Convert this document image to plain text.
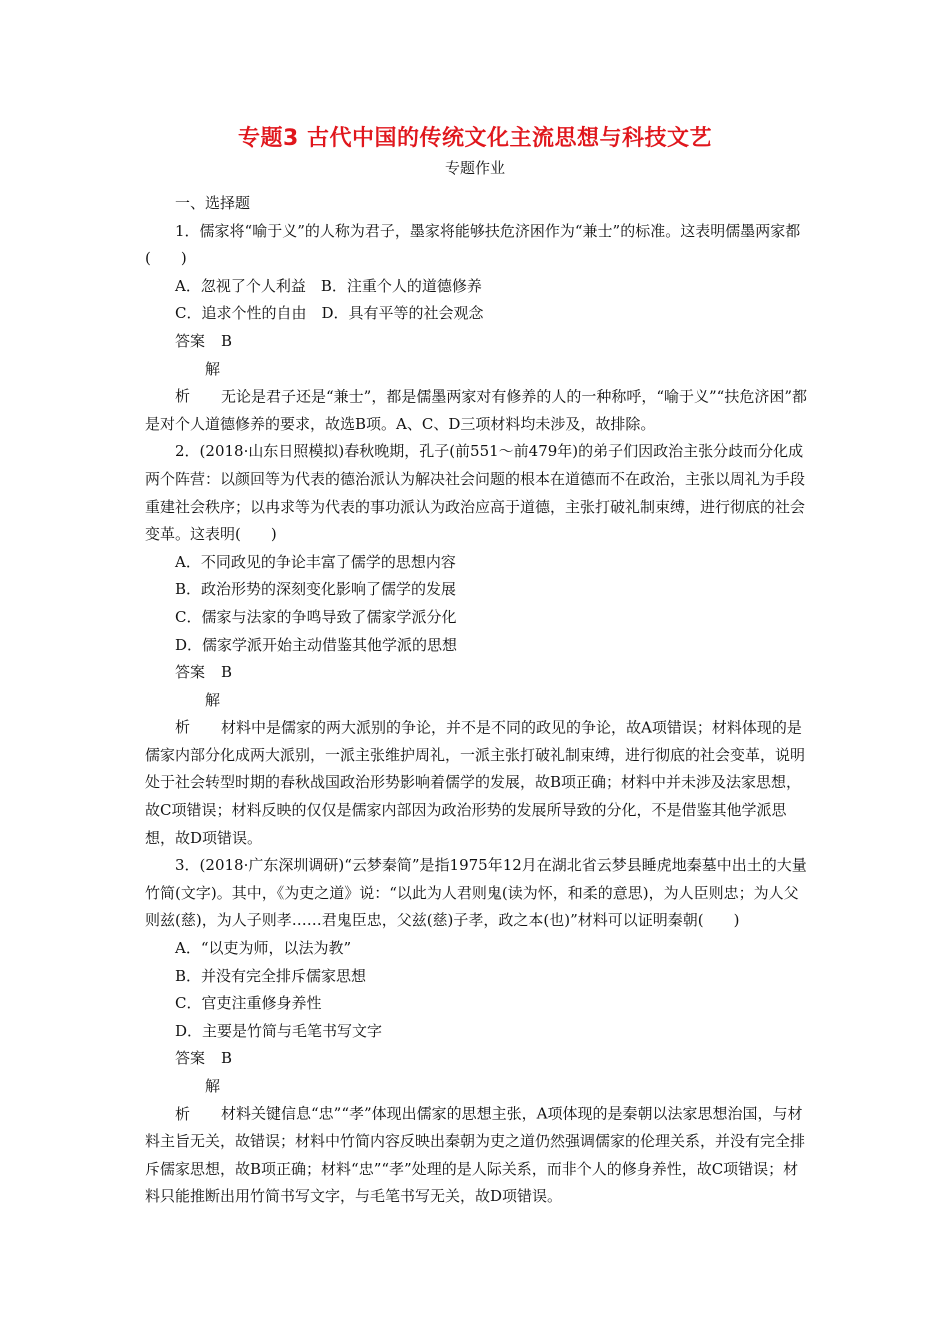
专题3 古代中国的传统文化主流思想与科技文艺
专题作业

一、选择题

1．儒家将“喻于义”的人称为君子，墨家将能够扶危济困作为“兼士”的标准。这表明儒墨两家都(　　)

A．忽视了个人利益　B．注重个人的道德修养

C．追求个性的自由　D．具有平等的社会观念

答案 B

解析 无论是君子还是“兼士”，都是儒墨两家对有修养的人的一种称呼，“喻于义”“扶危济困”都是对个人道德修养的要求，故选B项。A、C、D三项材料均未涉及，故排除。

2．(2018·山东日照模拟)春秋晚期，孔子(前551～前479年)的弟子们因政治主张分歧而分化成两个阵营：以颜回等为代表的德治派认为解决社会问题的根本在道德而不在政治，主张以周礼为手段重建社会秩序；以冉求等为代表的事功派认为政治应高于道德，主张打破礼制束缚，进行彻底的社会变革。这表明(　　)

A．不同政见的争论丰富了儒学的思想内容

B．政治形势的深刻变化影响了儒学的发展

C．儒家与法家的争鸣导致了儒家学派分化

D．儒家学派开始主动借鉴其他学派的思想

答案 B

解析 材料中是儒家的两大派别的争论，并不是不同的政见的争论，故A项错误；材料体现的是儒家内部分化成两大派别，一派主张维护周礼，一派主张打破礼制束缚，进行彻底的社会变革，说明处于社会转型时期的春秋战国政治形势影响着儒学的发展，故B项正确；材料中并未涉及法家思想，故C项错误；材料反映的仅仅是儒家内部因为政治形势的发展所导致的分化，不是借鉴其他学派思想，故D项错误。

3．(2018·广东深圳调研)“云梦秦简”是指1975年12月在湖北省云梦县睡虎地秦墓中出土的大量竹简(文字)。其中，《为吏之道》说：“以此为人君则鬼(读为怀，和柔的意思)，为人臣则忠；为人父则兹(慈)，为人子则孝……君鬼臣忠，父兹(慈)子孝，政之本(也)”材料可以证明秦朝(　　)

A．“以吏为师，以法为教”

B．并没有完全排斥儒家思想

C．官吏注重修身养性

D．主要是竹简与毛笔书写文字

答案 B

解析 材料关键信息“忠”“孝”体现出儒家的思想主张，A项体现的是秦朝以法家思想治国，与材料主旨无关，故错误；材料中竹简内容反映出秦朝为吏之道仍然强调儒家的伦理关系，并没有完全排斥儒家思想，故B项正确；材料“忠”“孝”处理的是人际关系，而非个人的修身养性，故C项错误；材料只能推断出用竹简书写文字，与毛笔书写无关，故D项错误。
